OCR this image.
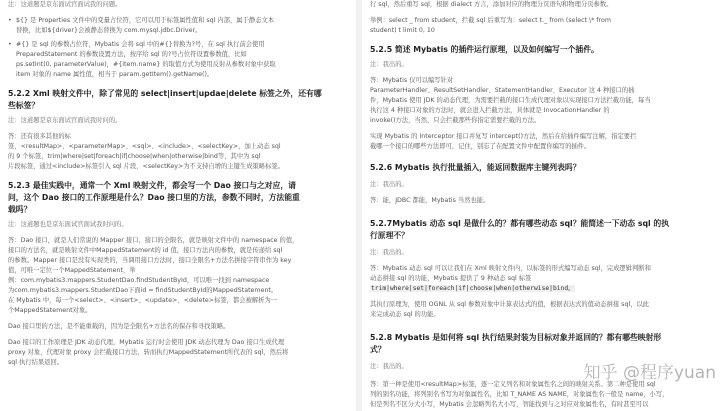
注：这道题是京东面试官面试我的问题。
• ${} 是 Properties 文件中的变量占位符，它可以用于标签属性值和 sql 内部，属于静态文本
替换，比如${driver}会被静态替换为 com.mysql.jdbc.Driver。
• #{} 是 sql 的参数占位符，Mybatis 会将 sql 中的#{}替换为?号，在 sql 执行前会使用
PreparedStatement 的参数设置方法，按序给 sql 的?号占位符设置参数值，比如
ps.setInt(0, parameterValue)，#{item.name} 的取值方式为使用反射从参数对象中获取
item 对象的 name 属性值，相当于 param.getItem().getName()。
5.2.2 Xml 映射文件中，除了常见的 select|insert|updae|delete 标签之外，还有哪
些标签？
注：这道题是京东面试官面试我时问的。
答：还有很多其他的标
签，<resultMap>、<parameterMap>、<sql>、<include>、<selectKey>，加上动态 sql
的 9 个标签，trim|where|set|foreach|if|choose|when|otherwise|bind等，其中为 sql
片段标签，通过<include>标签引入 sql 片段，<selectKey>为不支持自增的主键生成策略标签。
5.2.3 最佳实践中，通常一个 Xml 映射文件，都会写一个 Dao 接口与之对应，请
问，这个 Dao 接口的工作原理是什么？Dao 接口里的方法，参数不同时，方法能重
载吗？
注：这道题也是京东面试官面试我时问的。
答：Dao 接口，就是人们常说的 Mapper 接口，接口的全限名，就是映射文件中的 namespace 的值，
接口的方法名，就是映射文件中MappedStatement的 id 值，接口方法内的参数，就是传递给 sql
的参数。Mapper 接口是没有实现类的，当调用接口方法时，接口全限名+方法名拼接字符串作为 key
值，可唯一定位一个MappedStatement，举
例：com.mybatis3.mappers.StudentDao.findStudentById，可以唯一找到 namespace
为com.mybatis3.mappers.StudentDao下面id = findStudentById的MappedStatement。
在 Mybatis 中，每一个<select>、<insert>、<update>、<delete>标签，都会被解析为一
个MappedStatement对象。
Dao 接口里的方法，是不能重载的，因为是全限名+方法名的保存和寻找策略。
Dao 接口的工作原理是 JDK 动态代理，Mybatis 运行时会使用 JDK 动态代理为 Dao 接口生成代理
proxy 对象，代理对象 proxy 会拦截接口方法，转而执行MappedStatement所代表的 sql，然后将
sql 执行结果返回。
行 sql，然后重写 sql，根据 dialect 方言，添加对应的物理分页语句和物理分页参数。
举例：select _ from student，拦截 sql 后重写为：select t._ from (select \* from
student) t limit 0, 10
5.2.5 简述 Mybatis 的插件运行原理，以及如何编写一个插件。
注：我出的。
答：Mybatis 仅可以编写针对
ParameterHandler、ResultSetHandler、StatementHandler、Executor 这 4 种接口的插
件，Mybatis 使用 JDK 的动态代理，为需要拦截的接口生成代理对象以实现接口方法拦截功能，每当
执行这 4 种接口对象的方法时，就会进入拦截方法，具体就是 InvocationHandler 的
invoke()方法，当然，只会拦截那些你指定需要拦截的方法。
实现 Mybatis 的 Interceptor 接口并复写 intercept()方法，然后在给插件编写注解，指定要拦
截哪一个接口的哪些方法即可，记住，别忘了在配置文件中配置你编写的插件。
5.2.6 Mybatis 执行批量插入，能返回数据库主键列表吗？
注：我出的。
答：能，JDBC 都能，Mybatis 当然也能。
5.2.7Mybatis 动态 sql 是做什么的？都有哪些动态 sql？能简述一下动态 sql 的执
行原理不？
注：我出的。
答：Mybatis 动态 sql 可以让我们在 Xml 映射文件内，以标签的形式编写动态 sql，完成逻辑判断和
动态拼接 sql 的功能，Mybatis 提供了 9 种动态 sql 标签
trim|where|set|foreach|if|choose|when|otherwise|bind。
其执行原理为，使用 OGNL 从 sql 参数对象中计算表达式的值，根据表达式的值动态拼接 sql，以此
来完成动态 sql 的功能。
5.2.8 Mybatis 是如何将 sql 执行结果封装为目标对象并返回的？都有哪些映射形
式？
注：我出的。
答：第一种是使用<resultMap>标签，逐一定义列名和对象属性名之间的映射关系。第二种是使用 sql
列的别名功能，将列别名书写为对象属性名，比如 T_NAME AS NAME，对象属性名一般是 name，小写，
但是列名不区分大小写，Mybatis 会忽略列名大小写，智能找到与之对应对象属性名，有时甚至可以
知乎 @程序yuan
